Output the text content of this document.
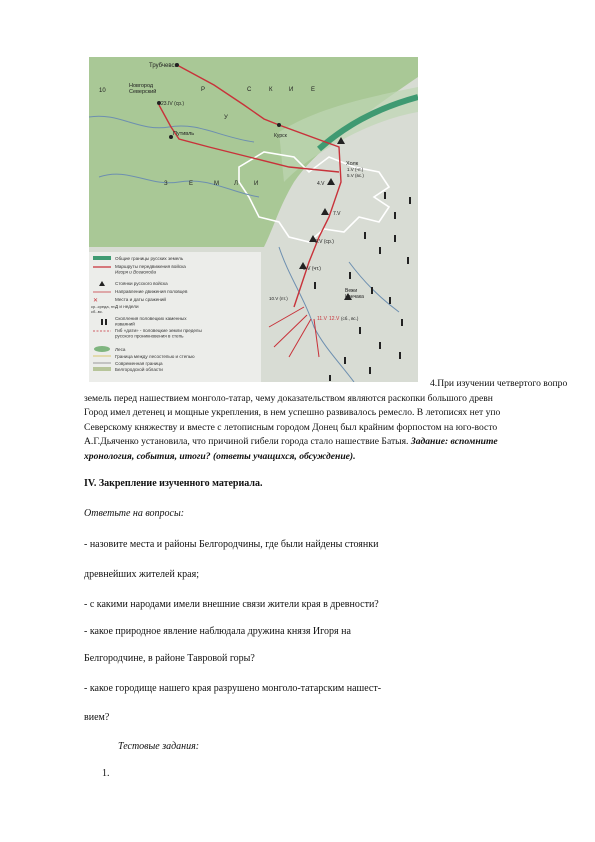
Трубчевск
Новгород Северский
Путивль	Курск
Холк
Вежи Кончака
23.IV (ср.)
1.V (чт.)
5.V (вс.)
4.V
7.V
8.V (ср.)
9.V (чт.)
10.V (пт.)
11.V 12.V (сб., вс.)
Р
У
С	К	И	Е
З	Е	М	Л	И
10
✕
Общие границы русских земель
Маршруты передвижения войска Игоря и Всеволода
Стоянки русского войска
Направление движения половцев
Места и даты сражений
Д и недели
ср.-среда, пт.-сб.-вс.
Скопления половецких каменных изваяний
Гиб «дати» - половецкие земли пределы русского проникновения в степь
Леса
Граница между лесостепью и степью
Современная граница
Белгородской области
4.При изучении четвертого вопро
земель перед нашествием монголо-татар, чему доказательством являются раскопки большого древн
Город имел детенец и мощные укрепления, в нем успешно развивалось ремесло. В летописях нет упо
Северскому княжеству и вместе с летописным городом Донец был крайним форпостом на юго-восто
А.Г.Дьяченко установила, что причиной гибели города стало нашествие Батыя. Задание: вспомните
хронология, события, итоги? (ответы учащихся, обсуждение).
IV. Закрепление изученного материала.
Ответьте на вопросы:
- назовите места и районы Белгородчины, где были найдены стоянки
древнейших жителей края;
- с какими народами имели внешние связи жители края в древности?
- какое природное явление наблюдала дружина князя Игоря на
Белгородчине, в районе Тавровой горы?
- какое городище нашего края разрушено монголо-татарским нашест-
вием?
Тестовые задания:
1.
